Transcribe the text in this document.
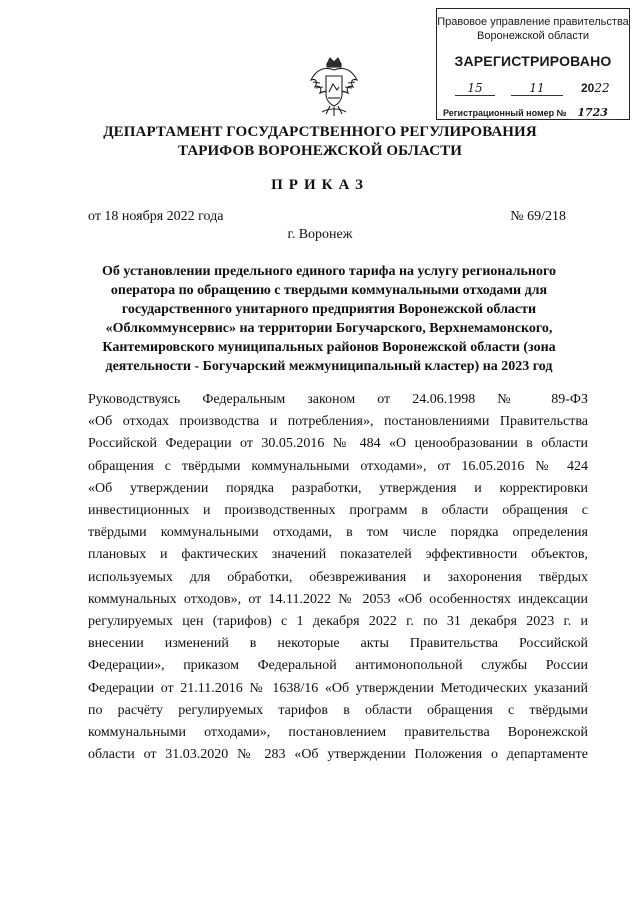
Правовое управление правительства
Воронежской области
ЗАРЕГИСТРИРОВАНО
15	11	2022
Регистрационный номер № 1723
ДЕПАРТАМЕНТ ГОСУДАРСТВЕННОГО РЕГУЛИРОВАНИЯ
ТАРИФОВ ВОРОНЕЖСКОЙ ОБЛАСТИ
ПРИКАЗ
от 18 ноября 2022 года	№ 69/218
г. Воронеж
Об установлении предельного единого тарифа на услугу регионального
оператора по обращению с твердыми коммунальными отходами для
государственного унитарного предприятия Воронежской области
«Облкоммунсервис» на территории Богучарского, Верхнемамонского,
Кантемировского муниципальных районов Воронежской области (зона
деятельности - Богучарский межмуниципальный кластер) на 2023 год
Руководствуясь Федеральным законом от 24.06.1998 № 89-ФЗ
«Об отходах производства и потребления», постановлениями Правительства
Российской Федерации от 30.05.2016 № 484 «О ценообразовании в области
обращения с твёрдыми коммунальными отходами», от 16.05.2016 № 424
«Об утверждении порядка разработки, утверждения и корректировки
инвестиционных и производственных программ в области обращения с
твёрдыми коммунальными отходами, в том числе порядка определения
плановых и фактических значений показателей эффективности объектов,
используемых для обработки, обезвреживания и захоронения твёрдых
коммунальных отходов», от 14.11.2022 № 2053 «Об особенностях индексации
регулируемых цен (тарифов) с 1 декабря 2022 г. по 31 декабря 2023 г. и
внесении изменений в некоторые акты Правительства Российской
Федерации», приказом Федеральной антимонопольной службы России
Федерации от 21.11.2016 № 1638/16 «Об утверждении Методических указаний
по расчёту регулируемых тарифов в области обращения с твёрдыми
коммунальными отходами», постановлением правительства Воронежской
области от 31.03.2020 № 283 «Об утверждении Положения о департаменте
